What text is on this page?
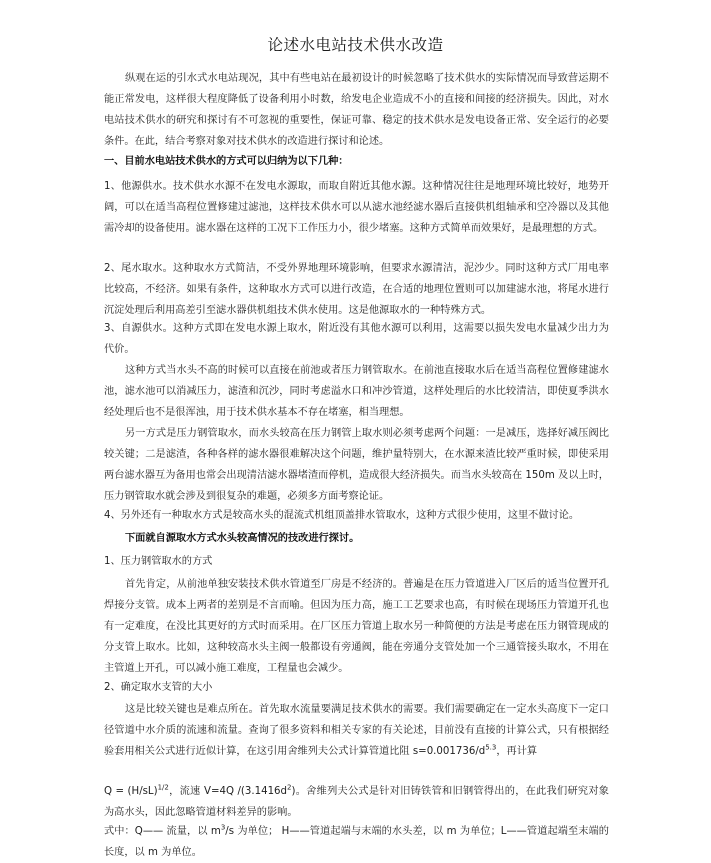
论述水电站技术供水改造
纵观在运的引水式水电站现况，其中有些电站在最初设计的时候忽略了技术供水的实际情况而导致营运期不能正常发电，这样很大程度降低了设备利用小时数，给发电企业造成不小的直接和间接的经济损失。因此，对水电站技术供水的研究和探讨有不可忽视的重要性，保证可靠、稳定的技术供水是发电设备正常、安全运行的必要条件。在此，结合考察对象对技术供水的改造进行探讨和论述。
一、目前水电站技术供水的方式可以归纳为以下几种：
1、他源供水。技术供水水源不在发电水源取，而取自附近其他水源。这种情况往往是地理环境比较好，地势开阔，可以在适当高程位置修建过滤池，这样技术供水可以从滤水池经滤水器后直接供机组轴承和空冷器以及其他需冷却的设备使用。滤水器在这样的工况下工作压力小，很少堵塞。这种方式简单而效果好，是最理想的方式。
2、尾水取水。这种取水方式简洁，不受外界地理环境影响，但要求水源清洁，泥沙少。同时这种方式厂用电率比较高，不经济。如果有条件，这种取水方式可以进行改造，在合适的地理位置则可以加建滤水池，将尾水进行沉淀处理后利用高差引至滤水器供机组技术供水使用。这是他源取水的一种特殊方式。
3、自源供水。这种方式即在发电水源上取水，附近没有其他水源可以利用，这需要以损失发电水量减少出力为代价。
这种方式当水头不高的时候可以直接在前池或者压力钢管取水。在前池直接取水后在适当高程位置修建滤水池，滤水池可以消减压力，滤渣和沉沙，同时考虑溢水口和冲沙管道，这样处理后的水比较清洁，即使夏季洪水经处理后也不是很浑浊，用于技术供水基本不存在堵塞，相当理想。
另一方式是压力钢管取水，而水头较高在压力钢管上取水则必须考虑两个问题：一是减压，选择好减压阀比较关键；二是滤渣，各种各样的滤水器很难解决这个问题，维护量特别大，在水源来渣比较严重时候，即使采用两台滤水器互为备用也常会出现清洁滤水器堵渣而停机，造成很大经济损失。而当水头较高在 150m 及以上时，压力钢管取水就会涉及到很复杂的难题，必须多方面考察论证。
4、另外还有一种取水方式是较高水头的混流式机组顶盖排水管取水，这种方式很少使用，这里不做讨论。
下面就自源取水方式水头较高情况的技改进行探讨。
1、压力钢管取水的方式
首先肯定，从前池单独安装技术供水管道至厂房是不经济的。普遍是在压力管道进入厂区后的适当位置开孔焊接分支管。成本上两者的差别是不言而喻。但因为压力高，施工工艺要求也高，有时候在现场压力管道开孔也有一定难度，在没比其更好的方式时而采用。在厂区压力管道上取水另一种简便的方法是考虑在压力钢管现成的分支管上取水。比如，这种较高水头主阀一般都设有旁通阀，能在旁通分支管处加一个三通管接头取水，不用在主管道上开孔，可以减小施工难度，工程量也会减少。
2、确定取水支管的大小
这是比较关键也是难点所在。首先取水流量要满足技术供水的需要。我们需要确定在一定水头高度下一定口径管道中水介质的流速和流量。查询了很多资料和相关专家的有关论述，目前没有直接的计算公式，只有根据经验套用相关公式进行近似计算，在这引用舍维列夫公式计算管道比阻 $s=0.001736/d^{5.3}$，再计算
$Q = (H/sL)^{1/2}$，流速 V=4Q $/(3.1416d^2)$。舍维列夫公式是针对旧铸铁管和旧钢管得出的，在此我们研究对象为高水头，因此忽略管道材料差异的影响。
式中：Q—— 流量，以 $m^3/s$ 为单位； H——管道起端与末端的水头差，以 m 为单位；L——管道起端至末端的长度，以 m 为单位。
